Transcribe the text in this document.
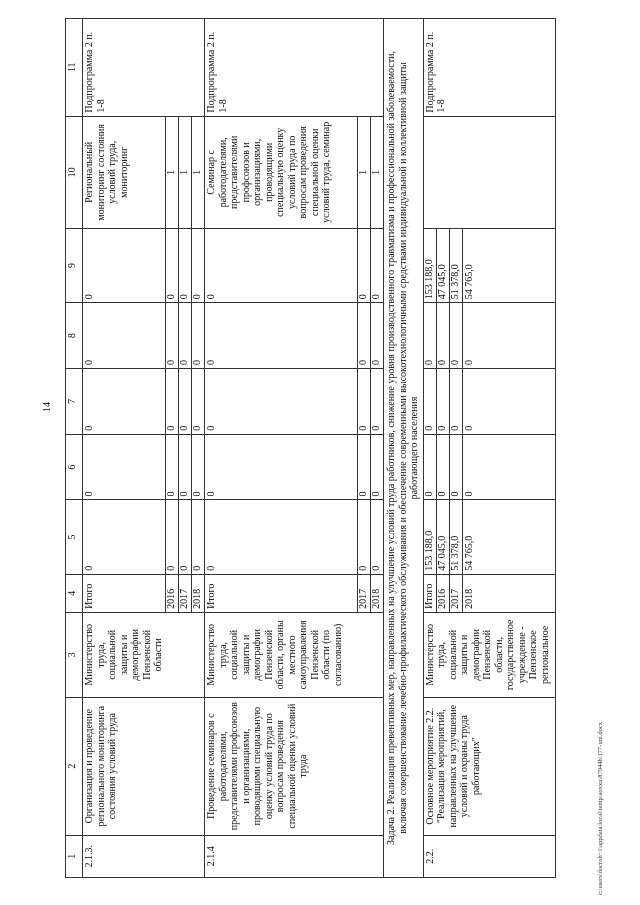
14
1	2	3	4	5	6	7	8	9	10	11
2.1.3.	Организация и проведение регионального мониторинга состояния условий труда	Министерство труда, социальной защиты и демографии Пензенской области	Итого	0	0	0	0	0	Региональный мониторинг состояния условий труда, мониторинг	Подпрограмма 2 п. 1-8
			2016	0	0	0	0	0	1	
			2017	0	0	0	0	0	1	
			2018	0	0	0	0	0	1	
2.1.4	Проведение семинаров с работодателями, представителями профсоюзов и организациями, проводящими специальную оценку условий труда по вопросам проведения специальной оценки условий труда	Министерство труда, социальной защиты и демографии Пензенской области, органы местного самоуправления Пензенской области (по согласованию)	Итого	0	0	0	0	0	Семинар с работодателями, представителями профсоюзов и организациями, проводящими специальную оценку условий труда по вопросам проведения специальной оценки условий труда, семинар	Подпрограмма 2 п. 1-8
			2017	0	0	0	0	0	1	
			2018	0	0	0	0	0	1	
Задача 2. Реализация превентивных мер, направленных на улучшение условий труда работников, снижение уровня производственного травматизма и профессиональной заболеваемости, включая совершенствование лечебно-профилактического обслуживания и обеспечение современными высокотехнологичными средствами индивидуальной и коллективной защиты работающего населения										
2.2.	Основное мероприятие 2.2. "Реализация мероприятий, направленных на улучшение условий и охраны труда работающих"	Министерство труда, социальной защиты и демографии Пензенской области, государственное учреждение - Пензенское региональное	Итого	153 188,0	0	0	0	153 188,0		Подпрограмма 2 п. 1-8
			2016	47 045,0	0	0	0	47 045,0		
			2017	51 378,0	0	0	0	51 378,0		
			2018	54 765,0	0	0	0	54 765,0		
c:\users\docroh~1\appdata\local\temp\aoxxu\87944b\177-uni.docx
